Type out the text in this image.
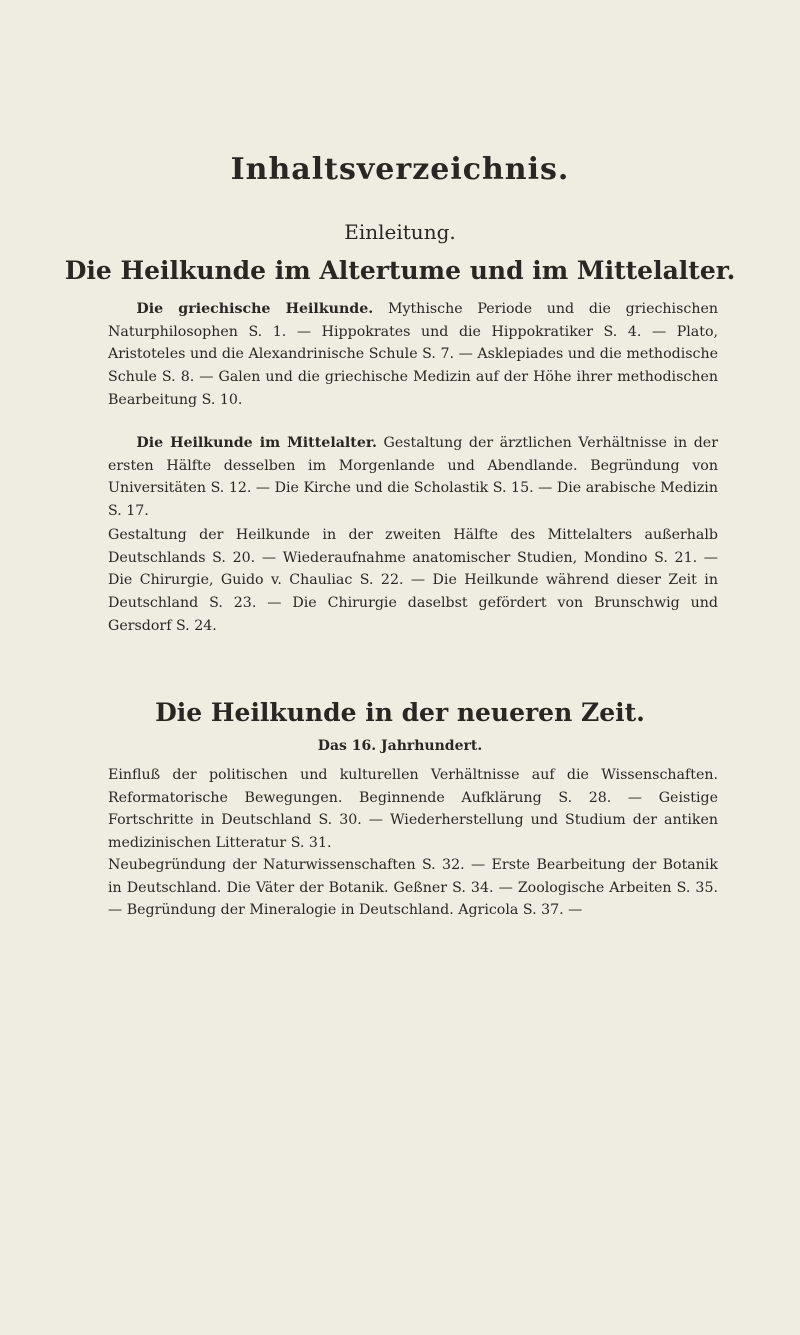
Inhaltsverzeichnis.
Einleitung.
Die Heilkunde im Altertume und im Mittelalter.
Die griechische Heilkunde. Mythische Periode und die griechischen Naturphilosophen S. 1. — Hippokrates und die Hippokratiker S. 4. — Plato, Aristoteles und die Alexandrinische Schule S. 7. — Asklepiades und die methodische Schule S. 8. — Galen und die griechische Medizin auf der Höhe ihrer methodischen Bearbeitung S. 10.
Die Heilkunde im Mittelalter. Gestaltung der ärztlichen Verhältnisse in der ersten Hälfte desselben im Morgenlande und Abendlande. Begründung von Universitäten S. 12. — Die Kirche und die Scholastik S. 15. — Die arabische Medizin S. 17.
Gestaltung der Heilkunde in der zweiten Hälfte des Mittelalters außerhalb Deutschlands S. 20. — Wiederaufnahme anatomischer Studien, Mondino S. 21. — Die Chirurgie, Guido v. Chauliac S. 22. — Die Heilkunde während dieser Zeit in Deutschland S. 23. — Die Chirurgie daselbst gefördert von Brunschwig und Gersdorf S. 24.
Die Heilkunde in der neueren Zeit.
Das 16. Jahrhundert.
Einfluß der politischen und kulturellen Verhältnisse auf die Wissenschaften. Reformatorische Bewegungen. Beginnende Aufklärung S. 28. — Geistige Fortschritte in Deutschland S. 30. — Wiederherstellung und Studium der antiken medizinischen Litteratur S. 31.
Neubegründung der Naturwissenschaften S. 32. — Erste Bearbeitung der Botanik in Deutschland. Die Väter der Botanik. Geßner S. 34. — Zoologische Arbeiten S. 35. — Begründung der Mineralogie in Deutschland. Agricola S. 37. —
